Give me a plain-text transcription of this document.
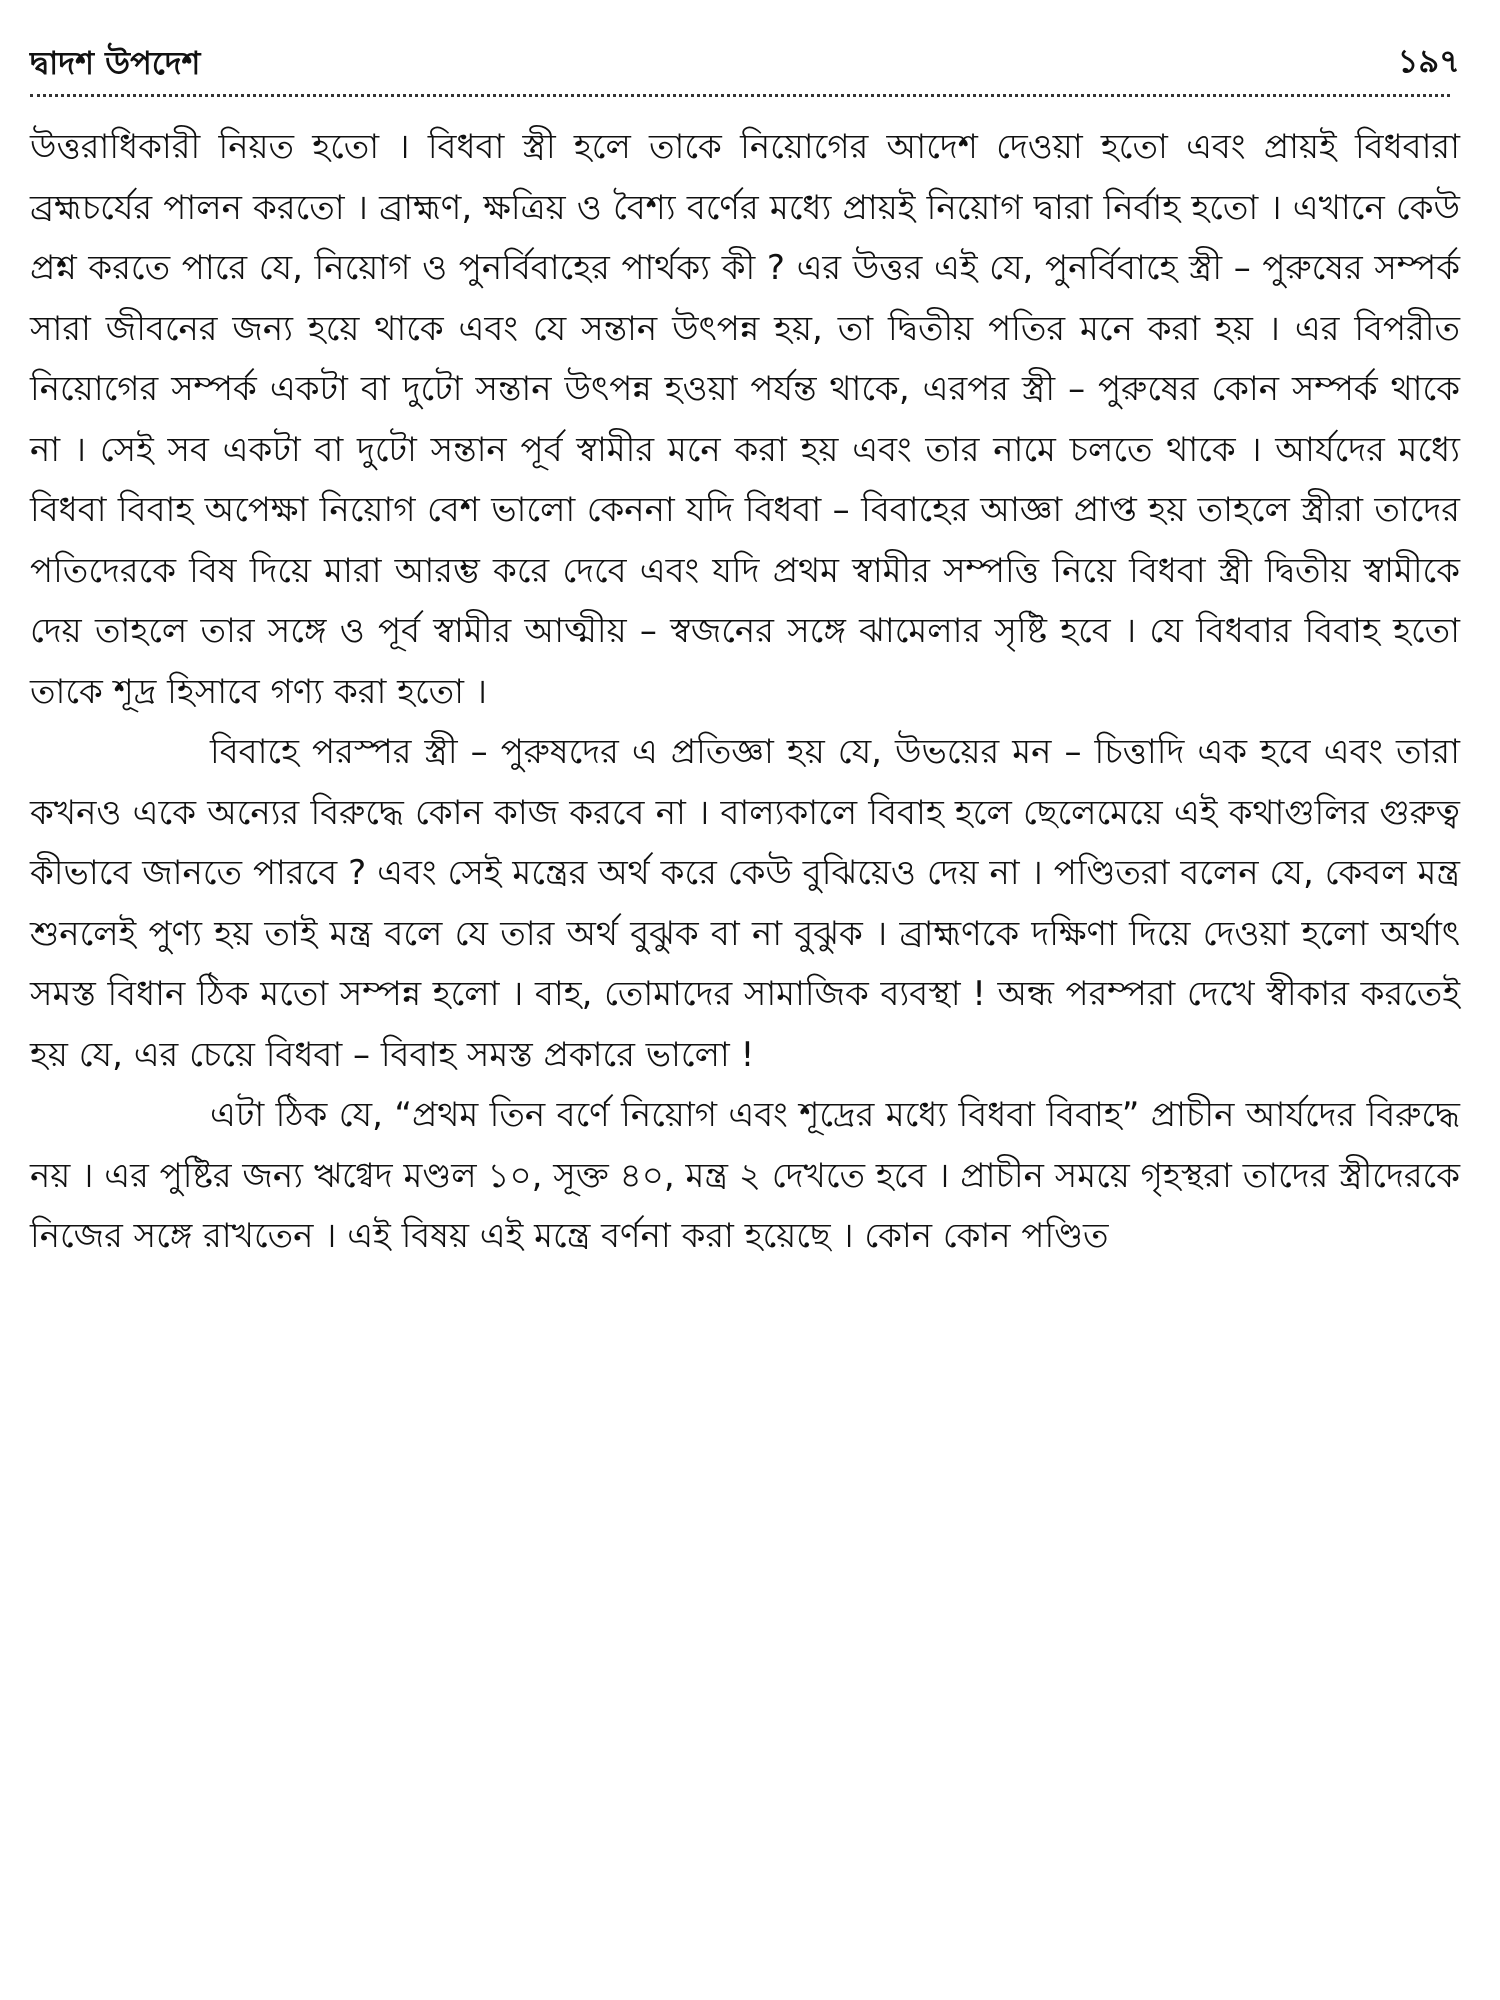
দ্বাদশ উপদেশ	১৯৭

উত্তরাধিকারী নিয়ত হতো । বিধবা স্ত্রী হলে তাকে নিয়োগের আদেশ দেওয়া হতো এবং প্রায়ই বিধবারা ব্রহ্মচর্যের পালন করতো । ব্রাহ্মণ, ক্ষত্রিয় ও বৈশ্য বর্ণের মধ্যে প্রায়ই নিয়োগ দ্বারা নির্বাহ হতো । এখানে কেউ প্রশ্ন করতে পারে যে, নিয়োগ ও পুনর্বিবাহের পার্থক্য কী ? এর উত্তর এই যে, পুনর্বিবাহে স্ত্রী – পুরুষের সম্পর্ক সারা জীবনের জন্য হয়ে থাকে এবং যে সন্তান উৎপন্ন হয়, তা দ্বিতীয় পতির মনে করা হয় । এর বিপরীত নিয়োগের সম্পর্ক একটা বা দুটো সন্তান উৎপন্ন হওয়া পর্যন্ত থাকে, এরপর স্ত্রী – পুরুষের কোন সম্পর্ক থাকে না । সেই সব একটা বা দুটো সন্তান পূর্ব স্বামীর মনে করা হয় এবং তার নামে চলতে থাকে । আর্যদের মধ্যে বিধবা বিবাহ অপেক্ষা নিয়োগ বেশ ভালো কেননা যদি বিধবা – বিবাহের আজ্ঞা প্রাপ্ত হয় তাহলে স্ত্রীরা তাদের পতিদেরকে বিষ দিয়ে মারা আরম্ভ করে দেবে এবং যদি প্রথম স্বামীর সম্পত্তি নিয়ে বিধবা স্ত্রী দ্বিতীয় স্বামীকে দেয় তাহলে তার সঙ্গে ও পূর্ব স্বামীর আত্মীয় – স্বজনের সঙ্গে ঝামেলার সৃষ্টি হবে । যে বিধবার বিবাহ হতো তাকে শূদ্র হিসাবে গণ্য করা হতো ।

বিবাহে পরস্পর স্ত্রী – পুরুষদের এ প্রতিজ্ঞা হয় যে, উভয়ের মন – চিত্তাদি এক হবে এবং তারা কখনও একে অন্যের বিরুদ্ধে কোন কাজ করবে না । বাল্যকালে বিবাহ হলে ছেলেমেয়ে এই কথাগুলির গুরুত্ব কীভাবে জানতে পারবে ? এবং সেই মন্ত্রের অর্থ করে কেউ বুঝিয়েও দেয় না । পণ্ডিতরা বলেন যে, কেবল মন্ত্র শুনলেই পুণ্য হয় তাই মন্ত্র বলে যে তার অর্থ বুঝুক বা না বুঝুক । ব্রাহ্মণকে দক্ষিণা দিয়ে দেওয়া হলো অর্থাৎ সমস্ত বিধান ঠিক মতো সম্পন্ন হলো । বাহ, তোমাদের সামাজিক ব্যবস্থা ! অন্ধ পরম্পরা দেখে স্বীকার করতেই হয় যে, এর চেয়ে বিধবা – বিবাহ সমস্ত প্রকারে ভালো !

এটা ঠিক যে, “প্রথম তিন বর্ণে নিয়োগ এবং শূদ্রের মধ্যে বিধবা বিবাহ” প্রাচীন আর্যদের বিরুদ্ধে নয় । এর পুষ্টির জন্য ঋগ্বেদ মণ্ডল ১০, সূক্ত ৪০, মন্ত্র ২ দেখতে হবে । প্রাচীন সময়ে গৃহস্থরা তাদের স্ত্রীদেরকে নিজের সঙ্গে রাখতেন । এই বিষয় এই মন্ত্রে বর্ণনা করা হয়েছে । কোন কোন পণ্ডিত
